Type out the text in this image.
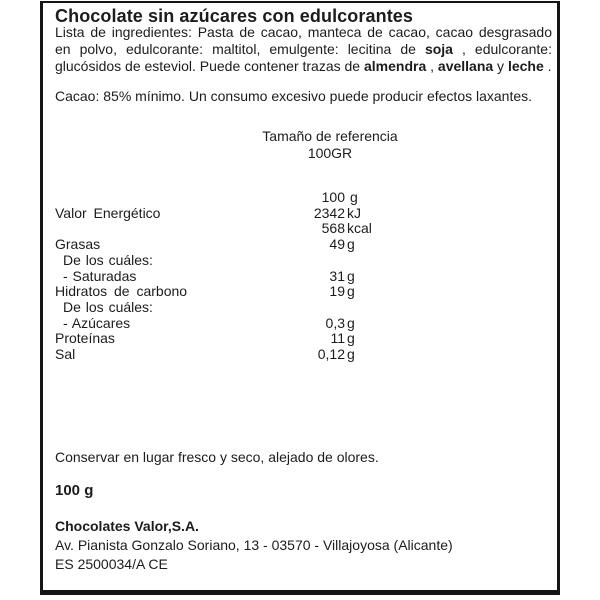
Chocolate sin azúcares con edulcorantes
Lista de ingredientes: Pasta de cacao, manteca de cacao, cacao desgrasado en polvo, edulcorante: maltitol, emulgente: lecitina de soja , edulcorante: glucósidos de esteviol. Puede contener trazas de almendra , avellana y leche .
Cacao: 85% mínimo. Un consumo excesivo puede producir efectos laxantes.
Tamaño de referencia
100GR
100 g
Valor Energético	2342 kJ
568 kcal
Grasas	49 g
De los cuáles:
- Saturadas	31 g
Hidratos de carbono	19 g
De los cuáles:
- Azúcares	0,3 g
Proteínas	11 g
Sal	0,12 g
Conservar en lugar fresco y seco, alejado de olores.
100 g
Chocolates Valor,S.A.
Av. Pianista Gonzalo Soriano, 13 - 03570 - Villajoyosa (Alicante)
ES 2500034/A CE
